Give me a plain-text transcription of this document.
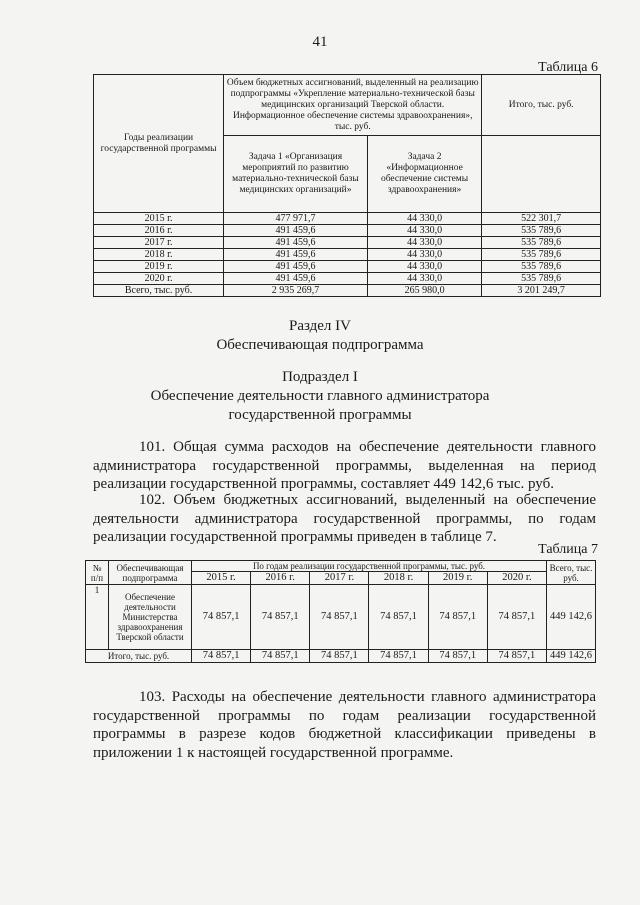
41
Таблица 6
Годы реализации государственной программы	Объем бюджетных ассигнований, выделенный на реализацию подпрограммы «Укрепление материально-технической базы медицинских организаций Тверской области. Информационное обеспечение системы здравоохранения», тыс. руб.		Итого, тыс. руб.
	Задача 1 «Организация мероприятий по развитию материально-технической базы медицинских организаций»	Задача 2 «Информационное обеспечение системы здравоохранения»	
2015 г.	477 971,7	44 330,0	522 301,7
2016 г.	491 459,6	44 330,0	535 789,6
2017 г.	491 459,6	44 330,0	535 789,6
2018 г.	491 459,6	44 330,0	535 789,6
2019 г.	491 459,6	44 330,0	535 789,6
2020 г.	491 459,6	44 330,0	535 789,6
Всего, тыс. руб.	2 935 269,7	265 980,0	3 201 249,7
Раздел IV
Обеспечивающая подпрограмма
Подраздел I
Обеспечение деятельности главного администратора
государственной программы
101. Общая сумма расходов на обеспечение деятельности главного администратора государственной программы, выделенная на период реализации государственной программы, составляет 449 142,6 тыс. руб.
102. Объем бюджетных ассигнований, выделенный на обеспечение деятельности администратора государственной программы, по годам реализации государственной программы приведен в таблице 7.
Таблица 7
№ п/п	Обеспечивающая подпрограмма	По годам реализации государственной программы, тыс. руб.						Всего, тыс. руб.
		2015 г.	2016 г.	2017 г.	2018 г.	2019 г.	2020 г.	
1	Обеспечение деятельности Министерства здравоохранения Тверской области	74 857,1	74 857,1	74 857,1	74 857,1	74 857,1	74 857,1	449 142,6
Итого, тыс. руб.		74 857,1	74 857,1	74 857,1	74 857,1	74 857,1	74 857,1	449 142,6
103. Расходы на обеспечение деятельности главного администратора государственной программы по годам реализации государственной программы в разрезе кодов бюджетной классификации приведены в приложении 1 к настоящей государственной программе.
